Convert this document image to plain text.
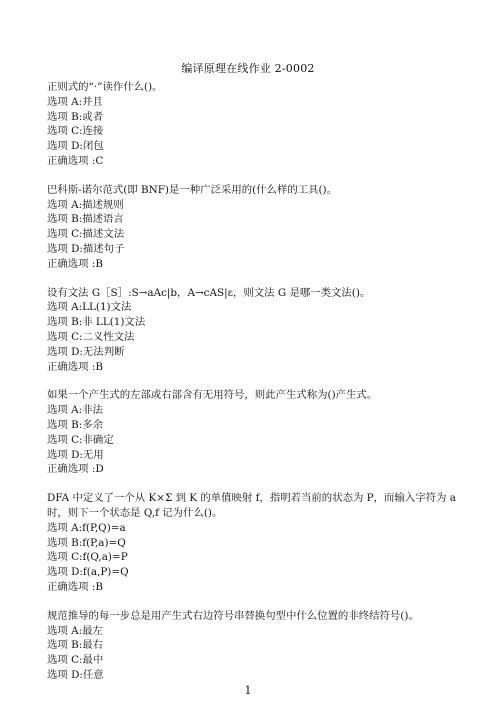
编译原理在线作业 2-0002
正则式的“·”读作什么()。
选项 A:并且
选项 B:或者
选项 C:连接
选项 D:闭包
正确选项 :C
巴科斯-诺尔范式(即 BNF)是一种广泛采用的(什么样的工具()。
选项 A:描述规则
选项 B:描述语言
选项 C:描述文法
选项 D:描述句子
正确选项 :B
设有文法 G［S］:S→aAc|b，A→cAS|ε，则文法 G 是哪一类文法()。
选项 A:LL(1)文法
选项 B:非 LL(1)文法
选项 C:二义性文法
选项 D:无法判断
正确选项 :B
如果一个产生式的左部或右部含有无用符号，则此产生式称为()产生式。
选项 A:非法
选项 B:多余
选项 C:非确定
选项 D:无用
正确选项 :D
DFA 中定义了一个从 K×Σ 到 K 的单值映射 f，指明若当前的状态为 P，而输入字符为 a 时，则下一个状态是 Q,f 记为什么()。
选项 A:f(P,Q)=a
选项 B:f(P,a)=Q
选项 C:f(Q,a)=P
选项 D:f(a,P)=Q
正确选项 :B
规范推导的每一步总是用产生式右边符号串替换句型中什么位置的非终结符号()。
选项 A:最左
选项 B:最右
选项 C:最中
选项 D:任意
1
